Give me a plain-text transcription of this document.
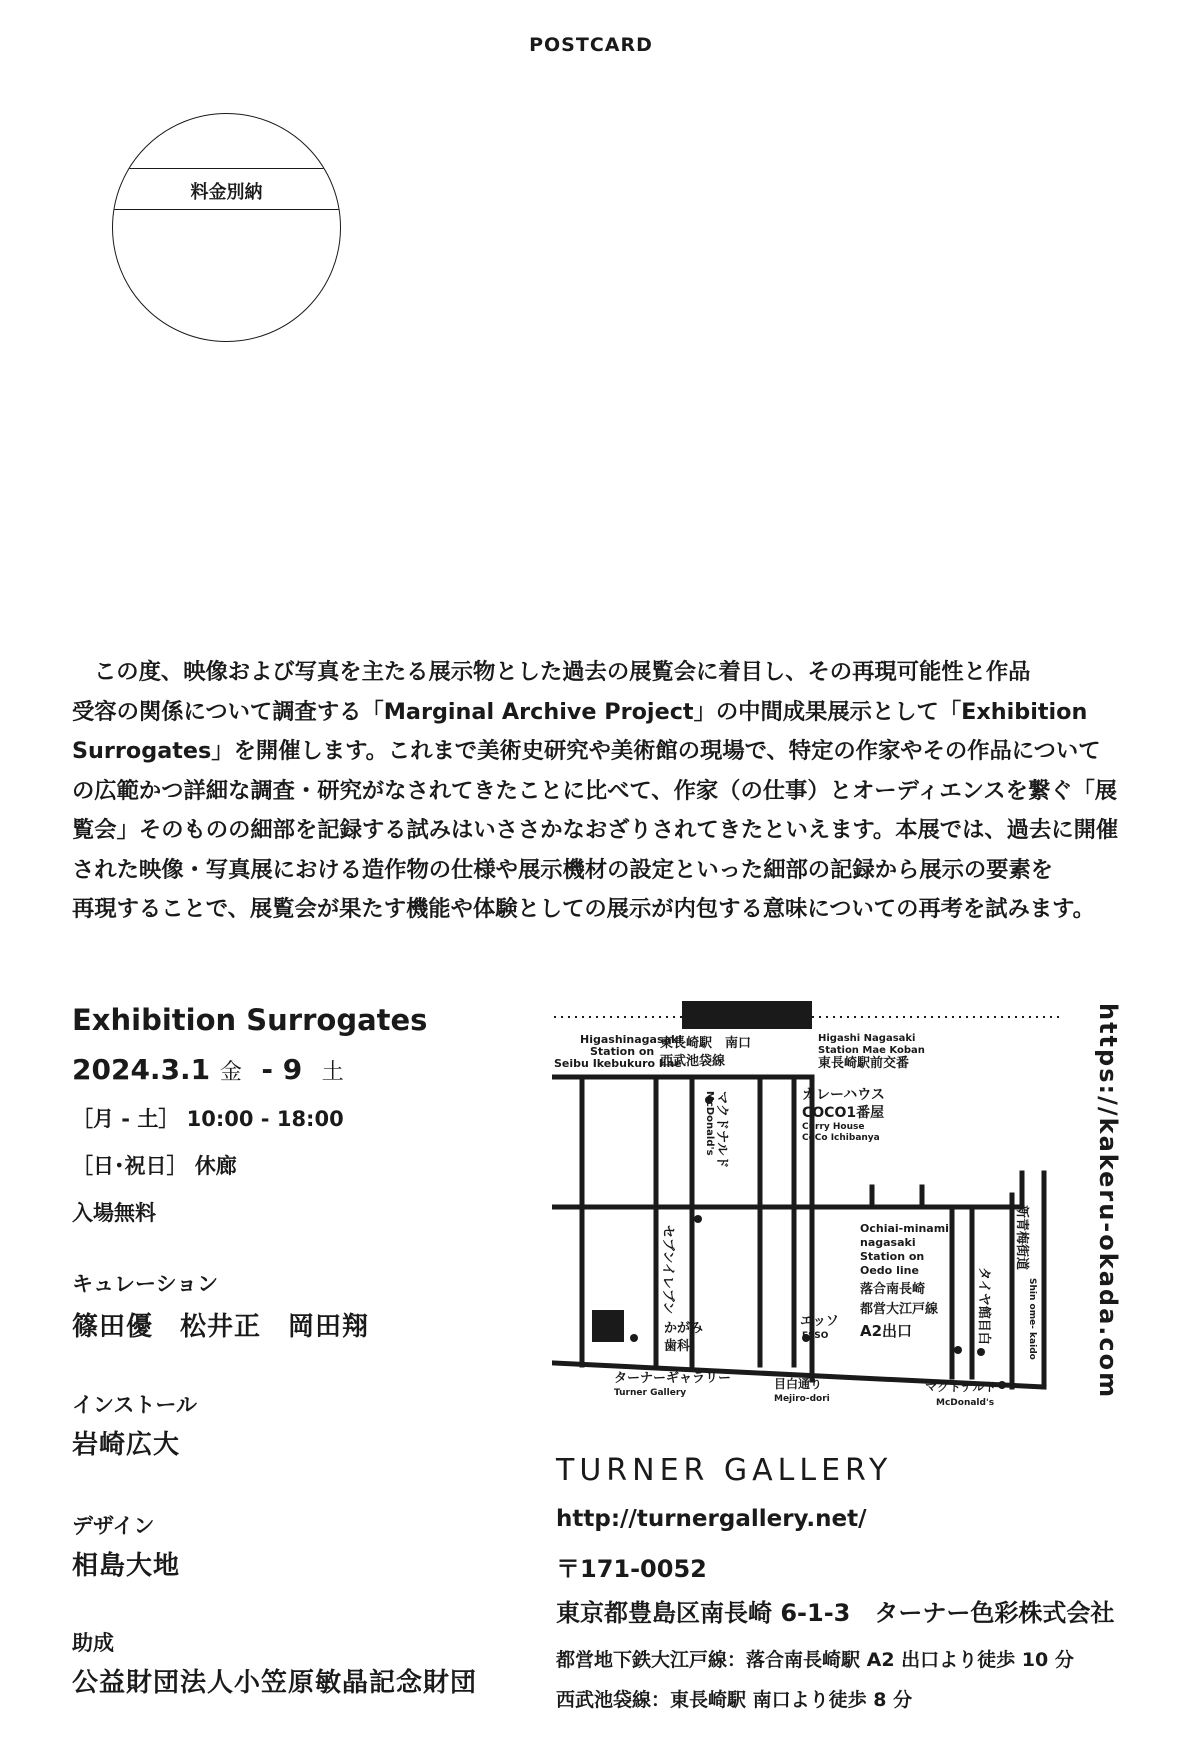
POSTCARD
料金別納

この度、映像および写真を主たる展示物とした過去の展覧会に着目し、その再現可能性と作品

受容の関係について調査する「Marginal Archive Project」の中間成果展示として「Exhibition

Surrogates」を開催します。これまで美術史研究や美術館の現場で、特定の作家やその作品について

の広範かつ詳細な調査・研究がなされてきたことに比べて、作家（の仕事）とオーディエンスを繋ぐ「展

覧会」そのものの細部を記録する試みはいささかなおざりされてきたといえます。本展では、過去に開催

された映像・写真展における造作物の仕様や展示機材の設定といった細部の記録から展示の要素を

再現することで、展覧会が果たす機能や体験としての展示が内包する意味についての再考を試みます。

Exhibition Surrogates
2024.3.1 金  - 9  土
［月 - 土］ 10:00 - 18:00
［日･祝日］ 休廊
入場無料
キュレーション
篠田優　松井正　岡田翔
インストール
岩崎広大
デザイン
相島大地
助成
公益財団法人小笠原敏晶記念財団
https://kakeru-okada.com
Higashinagasaki
Station on
Seibu Ikebukuro line
東長崎駅　南口
西武池袋線
Higashi Nagasaki
Station Mae Koban
東長崎駅前交番
McDonald's マクドナルド	カレーハウス
COCO1番屋
Curry House
CoCo Ichibanya
セブンイレブン
かがみ
歯科
エッソ
ESSO
Ochiai-minami-
nagasaki
Station on
Oedo line
落合南長崎
都営大江戸線
A2出口	タイヤ館目白
新青梅街道
Shin ome- kaido
ターナーギャラリー
Turner Gallery
目白通り
Mejiro-dori
マクドナルド
McDonald's
TURNER GALLERY
http://turnergallery.net/
〒171-0052
東京都豊島区南長崎 6-1-3　ターナー色彩株式会社
都営地下鉄大江戸線：落合南長崎駅 A2 出口より徒歩 10 分
西武池袋線：東長崎駅 南口より徒歩 8 分
